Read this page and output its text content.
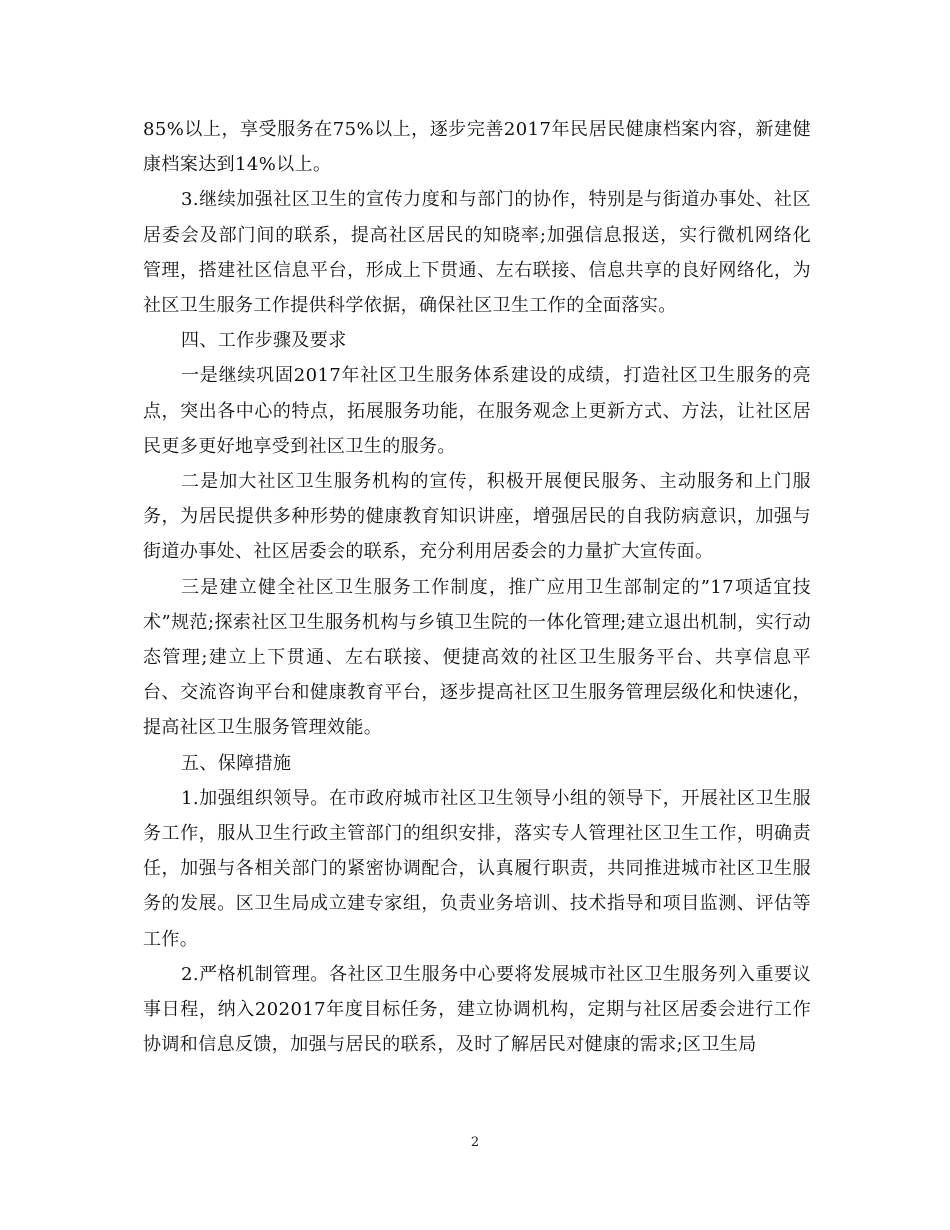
85%以上，享受服务在75%以上，逐步完善2017年民居民健康档案内容，新建健康档案达到14%以上。

3.继续加强社区卫生的宣传力度和与部门的协作，特别是与街道办事处、社区居委会及部门间的联系，提高社区居民的知晓率;加强信息报送，实行微机网络化管理，搭建社区信息平台，形成上下贯通、左右联接、信息共享的良好网络化，为社区卫生服务工作提供科学依据，确保社区卫生工作的全面落实。

四、工作步骤及要求

一是继续巩固2017年社区卫生服务体系建设的成绩，打造社区卫生服务的亮点，突出各中心的特点，拓展服务功能，在服务观念上更新方式、方法，让社区居民更多更好地享受到社区卫生的服务。

二是加大社区卫生服务机构的宣传，积极开展便民服务、主动服务和上门服务，为居民提供多种形势的健康教育知识讲座，增强居民的自我防病意识，加强与街道办事处、社区居委会的联系，充分利用居委会的力量扩大宣传面。

三是建立健全社区卫生服务工作制度，推广应用卫生部制定的”17项适宜技术”规范;探索社区卫生服务机构与乡镇卫生院的一体化管理;建立退出机制，实行动态管理;建立上下贯通、左右联接、便捷高效的社区卫生服务平台、共享信息平台、交流咨询平台和健康教育平台，逐步提高社区卫生服务管理层级化和快速化，提高社区卫生服务管理效能。

五、保障措施

1.加强组织领导。在市政府城市社区卫生领导小组的领导下，开展社区卫生服务工作，服从卫生行政主管部门的组织安排，落实专人管理社区卫生工作，明确责任，加强与各相关部门的紧密协调配合，认真履行职责，共同推进城市社区卫生服务的发展。区卫生局成立建专家组，负责业务培训、技术指导和项目监测、评估等工作。

2.严格机制管理。各社区卫生服务中心要将发展城市社区卫生服务列入重要议事日程，纳入202017年度目标任务，建立协调机构，定期与社区居委会进行工作协调和信息反馈，加强与居民的联系，及时了解居民对健康的需求;区卫生局

2
